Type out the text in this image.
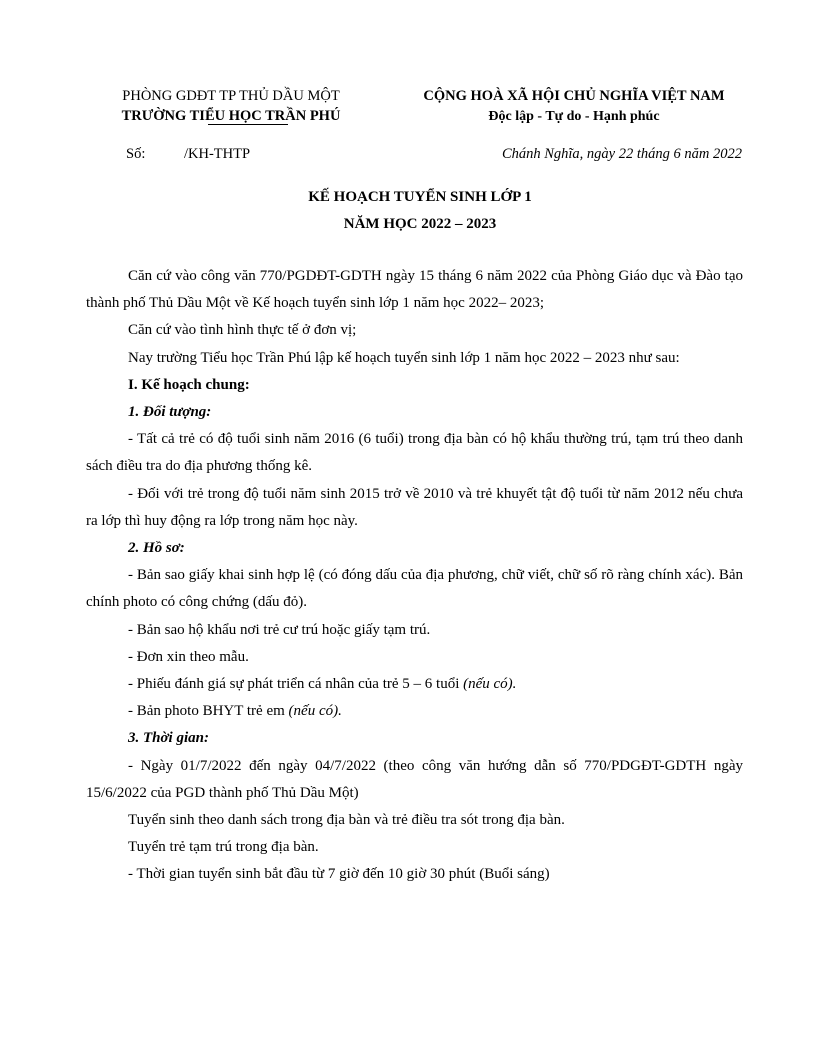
PHÒNG GDĐT TP THỦ DẦU MỘT
TRƯỜNG TIỂU HỌC TRẦN PHÚ
CỘNG HOÀ XÃ HỘI CHỦ NGHĨA VIỆT NAM
Độc lập - Tự do - Hạnh phúc
Số:	/KH-THTP	Chánh Nghĩa, ngày 22 tháng 6 năm 2022
KẾ HOẠCH TUYỂN SINH LỚP 1
NĂM HỌC 2022 – 2023

Căn cứ vào công văn 770/PGDĐT-GDTH ngày 15 tháng 6 năm 2022 của Phòng Giáo dục và Đào tạo thành phố Thủ Dầu Một về Kế hoạch tuyển sinh lớp 1 năm học 2022– 2023;

Căn cứ vào tình hình thực tế ở đơn vị;

Nay trường Tiểu học Trần Phú lập kế hoạch tuyển sinh lớp 1 năm học 2022 – 2023 như sau:

I. Kế hoạch chung:

1. Đối tượng:

- Tất cả trẻ có độ tuổi sinh năm 2016 (6 tuổi) trong địa bàn có hộ khẩu thường trú, tạm trú theo danh sách điều tra do địa phương thống kê.

- Đối với trẻ trong độ tuổi năm sinh 2015 trở về 2010 và trẻ khuyết tật độ tuổi từ năm 2012 nếu chưa ra lớp thì huy động ra lớp trong năm học này.

2. Hồ sơ:

- Bản sao giấy khai sinh hợp lệ (có đóng dấu của địa phương, chữ viết, chữ số rõ ràng chính xác). Bản chính photo có công chứng (dấu đỏ).

- Bản sao hộ khẩu nơi trẻ cư trú hoặc giấy tạm trú.

- Đơn xin theo mẫu.

- Phiếu đánh giá sự phát triển cá nhân của trẻ 5 – 6 tuổi (nếu có).

- Bản photo BHYT trẻ em (nếu có).

3. Thời gian:

- Ngày 01/7/2022 đến ngày 04/7/2022 (theo công văn hướng dẫn số 770/PDGĐT-GDTH ngày 15/6/2022 của PGD thành phố Thủ Dầu Một)

Tuyển sinh theo danh sách trong địa bàn và trẻ điều tra sót trong địa bàn.

Tuyển trẻ tạm trú trong địa bàn.

- Thời gian tuyển sinh bắt đầu từ 7 giờ đến 10 giờ 30 phút (Buổi sáng)
